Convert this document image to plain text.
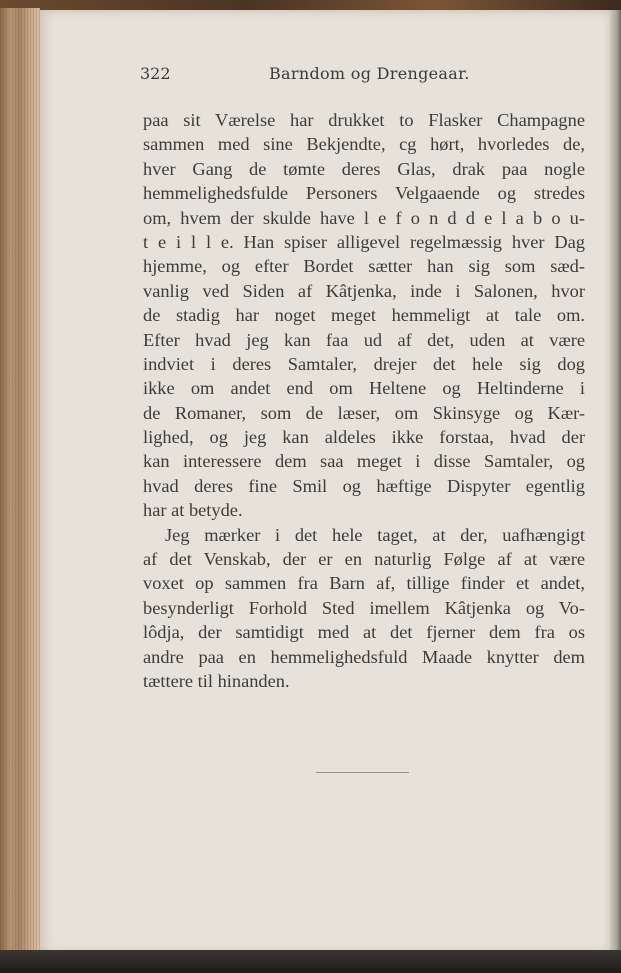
322	Barndom og Drengeaar.
paa sit Værelse har drukket to Flasker Champagne
sammen med sine Bekjendte, cg hørt, hvorledes de,
hver Gang de tømte deres Glas, drak paa nogle
hemmelighedsfulde Personers Velgaaende og stredes
om, hvem der skulde have l e f o n d d e l a b o u-
t e i l l e. Han spiser alligevel regelmæssig hver Dag
hjemme, og efter Bordet sætter han sig som sæd-
vanlig ved Siden af Kâtjenka, inde i Salonen, hvor
de stadig har noget meget hemmeligt at tale om.
Efter hvad jeg kan faa ud af det, uden at være
indviet i deres Samtaler, drejer det hele sig dog
ikke om andet end om Heltene og Heltinderne i
de Romaner, som de læser, om Skinsyge og Kær-
lighed, og jeg kan aldeles ikke forstaa, hvad der
kan interessere dem saa meget i disse Samtaler, og
hvad deres fine Smil og hæftige Dispyter egentlig
har at betyde.
Jeg mærker i det hele taget, at der, uafhængigt
af det Venskab, der er en naturlig Følge af at være
voxet op sammen fra Barn af, tillige finder et andet,
besynderligt Forhold Sted imellem Kâtjenka og Vo-
lôdja, der samtidigt med at det fjerner dem fra os
andre paa en hemmelighedsfuld Maade knytter dem
tættere til hinanden.
